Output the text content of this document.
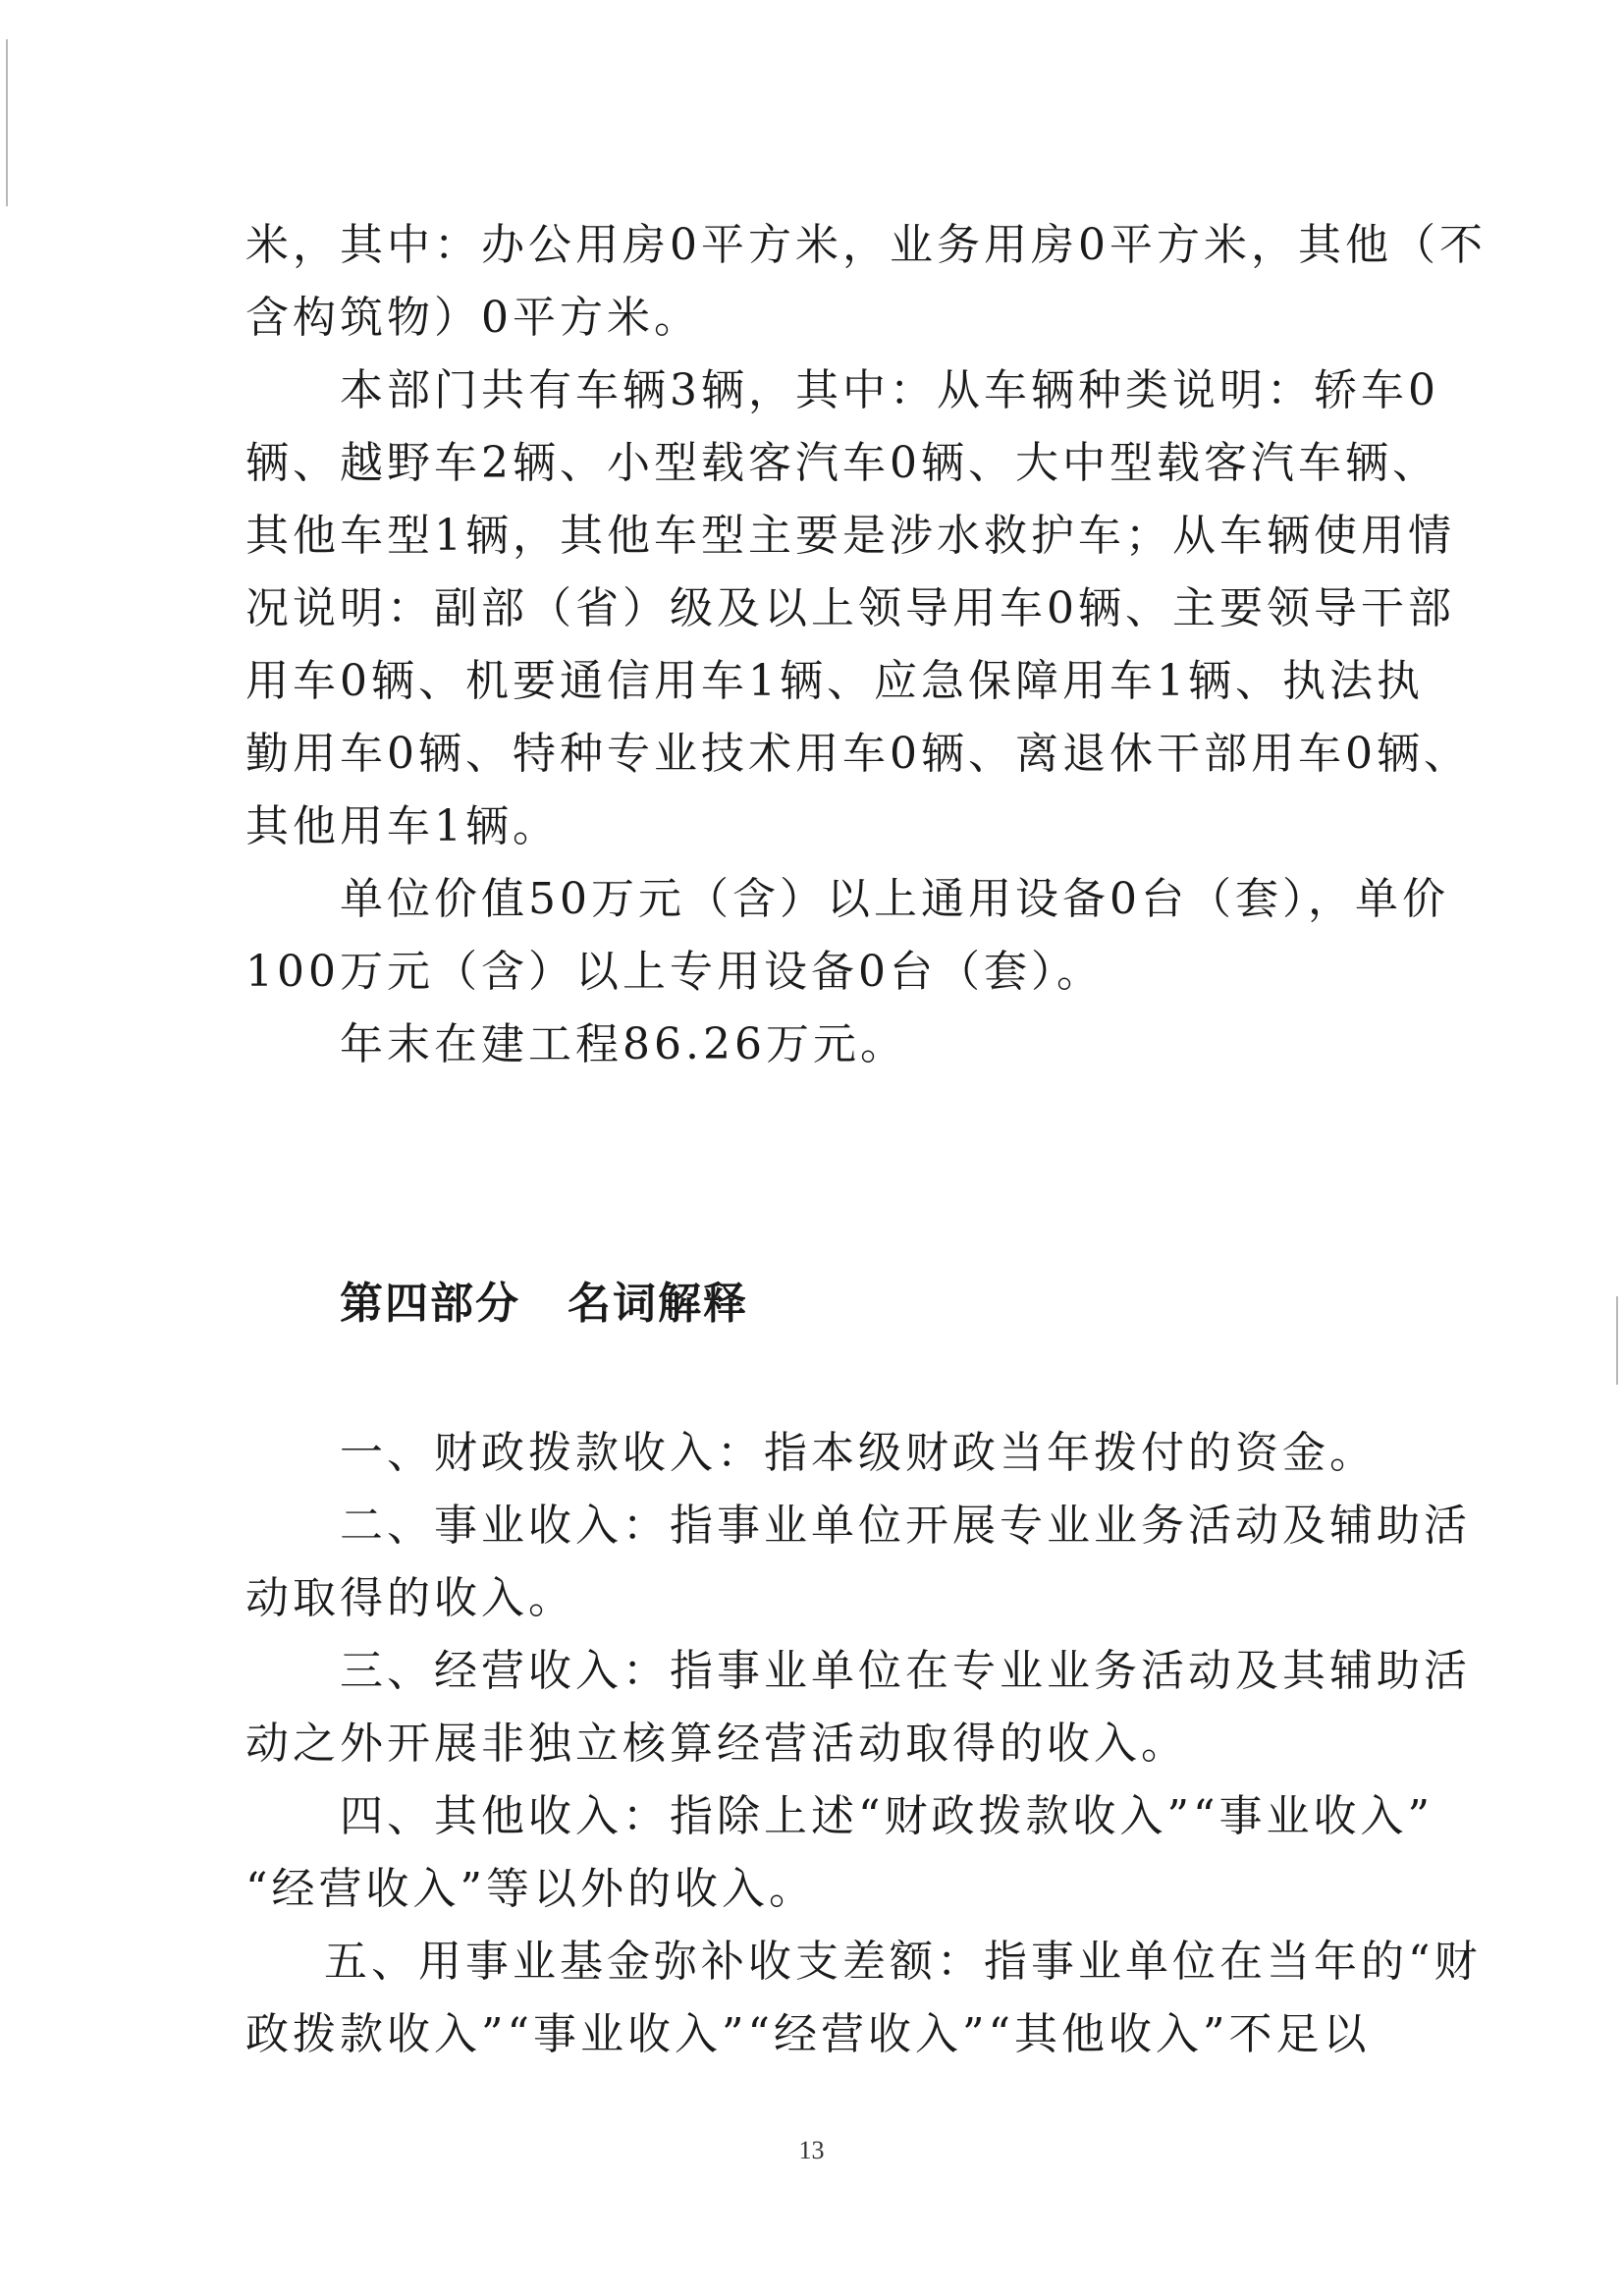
米，其中：办公用房0平方米，业务用房0平方米，其他（不
含构筑物）0平方米。
本部门共有车辆3辆，其中：从车辆种类说明：轿车0
辆、越野车2辆、小型载客汽车0辆、大中型载客汽车辆、
其他车型1辆，其他车型主要是涉水救护车；从车辆使用情
况说明：副部（省）级及以上领导用车0辆、主要领导干部
用车0辆、机要通信用车1辆、应急保障用车1辆、执法执
勤用车0辆、特种专业技术用车0辆、离退休干部用车0辆、
其他用车1辆。
单位价值50万元（含）以上通用设备0台（套），单价
100万元（含）以上专用设备0台（套）。
年末在建工程86.26万元。
第四部分 名词解释
一、财政拨款收入：指本级财政当年拨付的资金。
二、事业收入：指事业单位开展专业业务活动及辅助活
动取得的收入。
三、经营收入：指事业单位在专业业务活动及其辅助活
动之外开展非独立核算经营活动取得的收入。
四、其他收入：指除上述“财政拨款收入”“事业收入”
“经营收入”等以外的收入。
五、用事业基金弥补收支差额：指事业单位在当年的“财
政拨款收入”“事业收入”“经营收入”“其他收入”不足以
13
